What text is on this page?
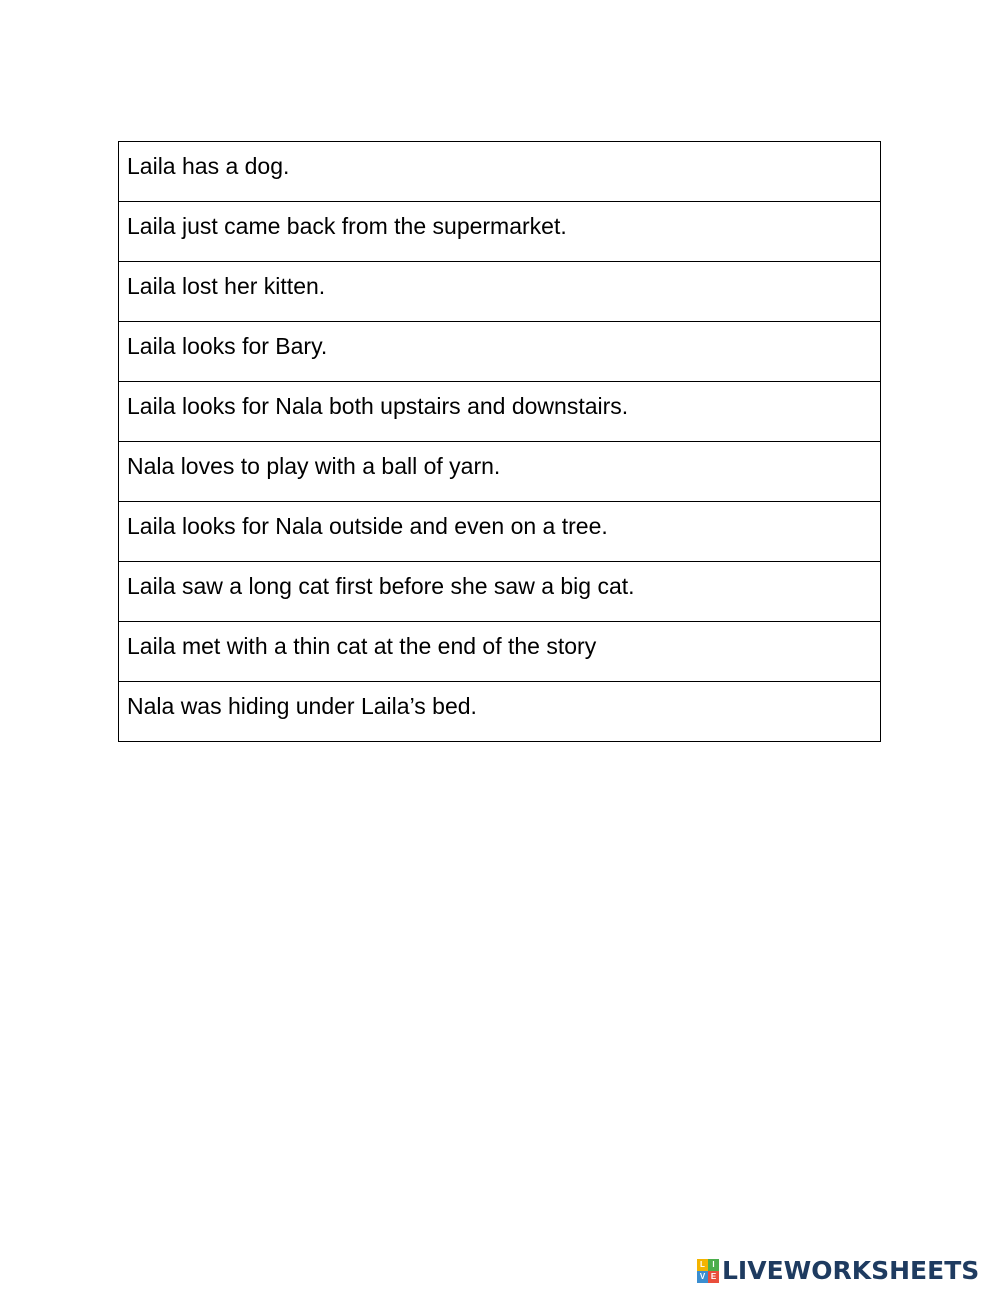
Laila has a dog.

Laila just came back from the supermarket.

Laila lost her kitten.

Laila looks for Bary.

Laila looks for Nala both upstairs and downstairs.

Nala loves to play with a ball of yarn.

Laila looks for Nala outside and even on a tree.

Laila saw a long cat first before she saw a big cat.

Laila met with a thin cat at the end of the story

Nala was hiding under Laila’s bed.
L I
V E LIVEWORKSHEETS
